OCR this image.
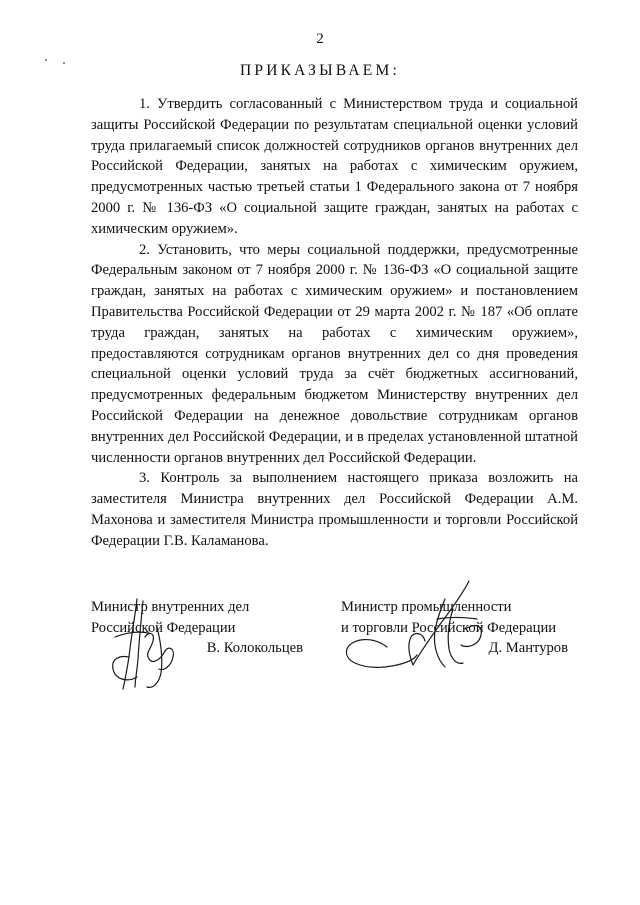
2
ПРИКАЗЫВАЕМ:

1. Утвердить согласованный с Министерством труда и социальной защиты Российской Федерации по результатам специальной оценки условий труда прилагаемый список должностей сотрудников органов внутренних дел Российской Федерации, занятых на работах с химическим оружием, предусмотренных частью третьей статьи 1 Федерального закона от 7 ноября 2000 г. № 136-ФЗ «О социальной защите граждан, занятых на работах с химическим оружием».

2. Установить, что меры социальной поддержки, предусмотренные Федеральным законом от 7 ноября 2000 г. № 136-ФЗ «О социальной защите граждан, занятых на работах с химическим оружием» и постановлением Правительства Российской Федерации от 29 марта 2002 г. № 187 «Об оплате труда граждан, занятых на работах с химическим оружием», предоставляются сотрудникам органов внутренних дел со дня проведения специальной оценки условий труда за счёт бюджетных ассигнований, предусмотренных федеральным бюджетом Министерству внутренних дел Российской Федерации на денежное довольствие сотрудникам органов внутренних дел Российской Федерации, и в пределах установленной штатной численности органов внутренних дел Российской Федерации.

3. Контроль за выполнением настоящего приказа возложить на заместителя Министра внутренних дел Российской Федерации А.М. Махонова и заместителя Министра промышленности и торговли Российской Федерации Г.В. Каламанова.

Министр внутренних дел
Российской Федерации
В. Колокольцев
Министр промышленности
и торговли Российской Федерации
Д. Мантуров
